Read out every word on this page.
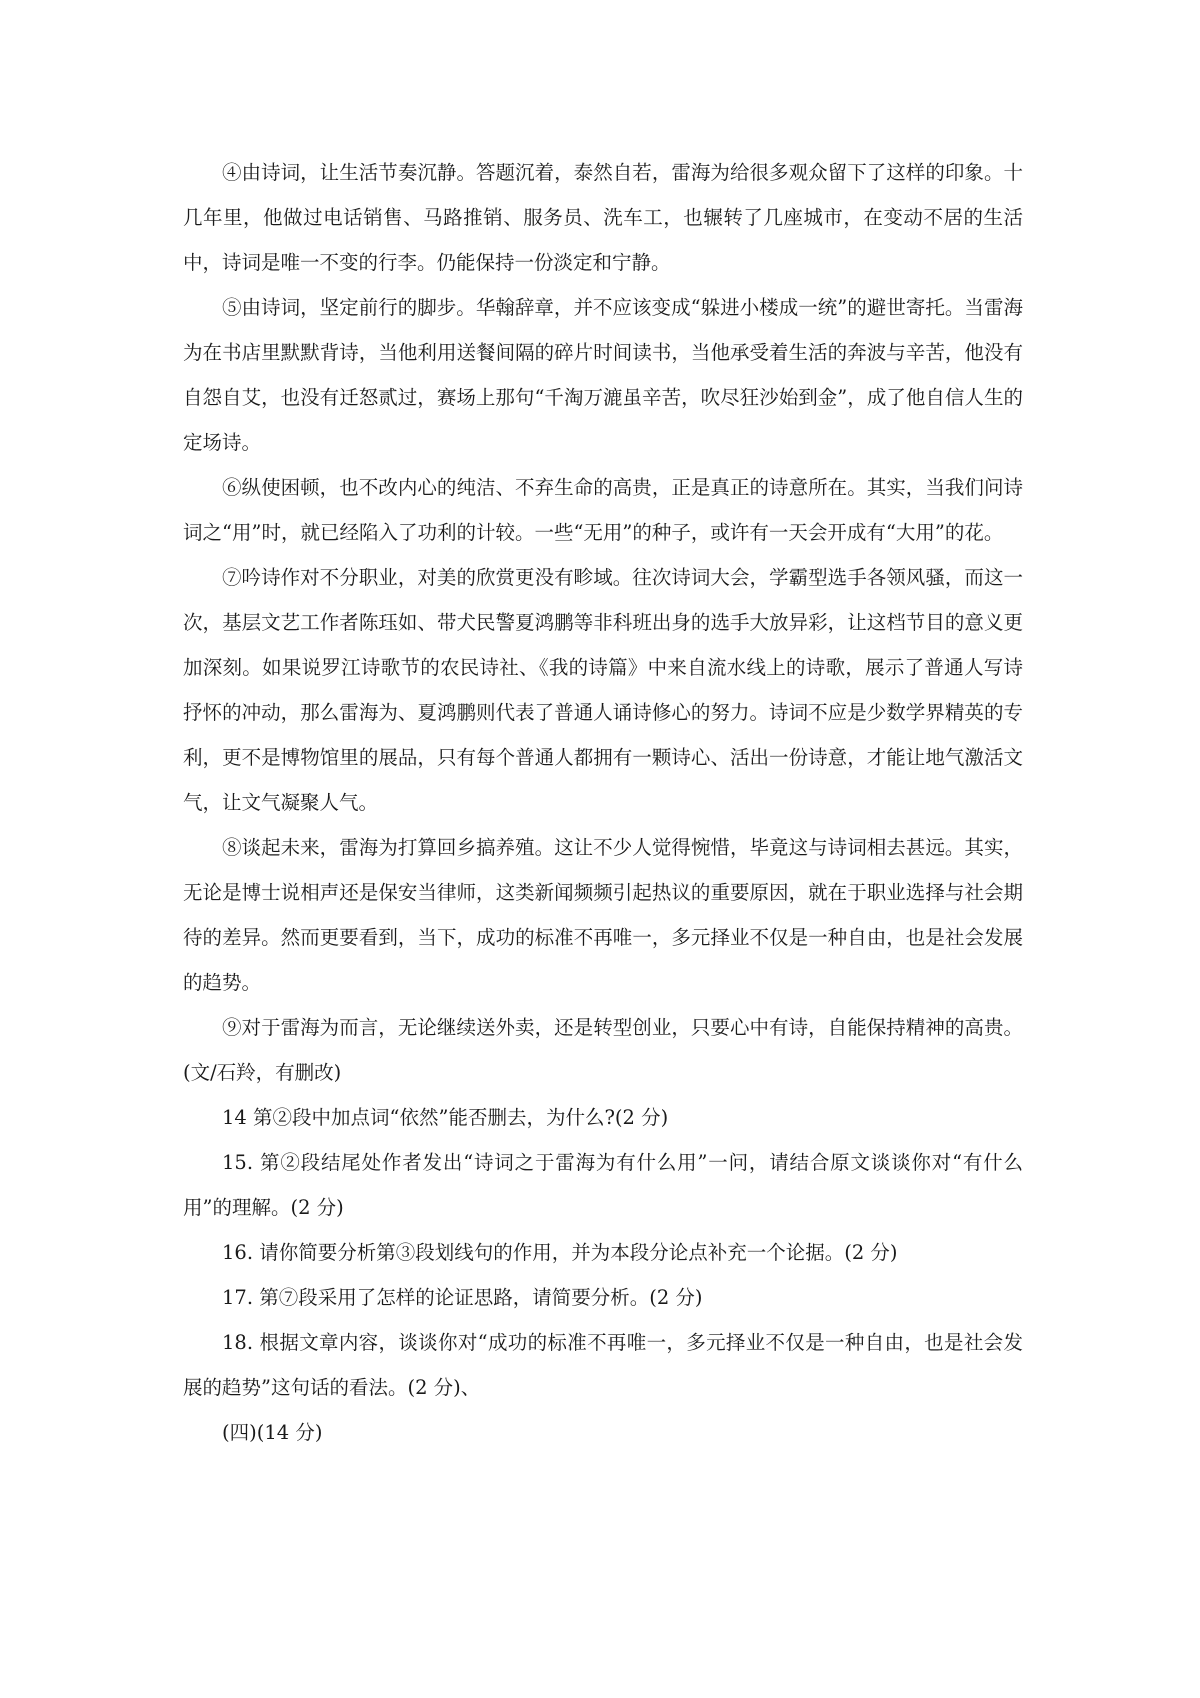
④由诗词，让生活节奏沉静。答题沉着，泰然自若，雷海为给很多观众留下了这样的印象。十几年里，他做过电话销售、马路推销、服务员、洗车工，也辗转了几座城市，在变动不居的生活中，诗词是唯一不变的行李。仍能保持一份淡定和宁静。

⑤由诗词，坚定前行的脚步。华翰辞章，并不应该变成“躲进小楼成一统”的避世寄托。当雷海为在书店里默默背诗，当他利用送餐间隔的碎片时间读书，当他承受着生活的奔波与辛苦，他没有自怨自艾，也没有迁怒贰过，赛场上那句“千淘万漉虽辛苦，吹尽狂沙始到金”，成了他自信人生的定场诗。

⑥纵使困顿，也不改内心的纯洁、不弃生命的高贵，正是真正的诗意所在。其实，当我们问诗词之“用”时，就已经陷入了功利的计较。一些“无用”的种子，或许有一天会开成有“大用”的花。

⑦吟诗作对不分职业，对美的欣赏更没有畛域。往次诗词大会，学霸型选手各领风骚，而这一次，基层文艺工作者陈珏如、带犬民警夏鸿鹏等非科班出身的选手大放异彩，让这档节目的意义更加深刻。如果说罗江诗歌节的农民诗社、《我的诗篇》中来自流水线上的诗歌，展示了普通人写诗抒怀的冲动，那么雷海为、夏鸿鹏则代表了普通人诵诗修心的努力。诗词不应是少数学界精英的专利，更不是博物馆里的展品，只有每个普通人都拥有一颗诗心、活出一份诗意，才能让地气激活文气，让文气凝聚人气。

⑧谈起未来，雷海为打算回乡搞养殖。这让不少人觉得惋惜，毕竟这与诗词相去甚远。其实，无论是博士说相声还是保安当律师，这类新闻频频引起热议的重要原因，就在于职业选择与社会期待的差异。然而更要看到，当下，成功的标准不再唯一，多元择业不仅是一种自由，也是社会发展的趋势。

⑨对于雷海为而言，无论继续送外卖，还是转型创业，只要心中有诗，自能保持精神的高贵。(文/石羚，有删改)

14 第②段中加点词“依然”能否删去，为什么?(2 分)

15. 第②段结尾处作者发出“诗词之于雷海为有什么用”一问，请结合原文谈谈你对“有什么用”的理解。(2 分)

16. 请你简要分析第③段划线句的作用，并为本段分论点补充一个论据。(2 分)

17. 第⑦段采用了怎样的论证思路，请简要分析。(2 分)

18. 根据文章内容，谈谈你对“成功的标准不再唯一，多元择业不仅是一种自由，也是社会发展的趋势”这句话的看法。(2 分)、

(四)(14 分)
